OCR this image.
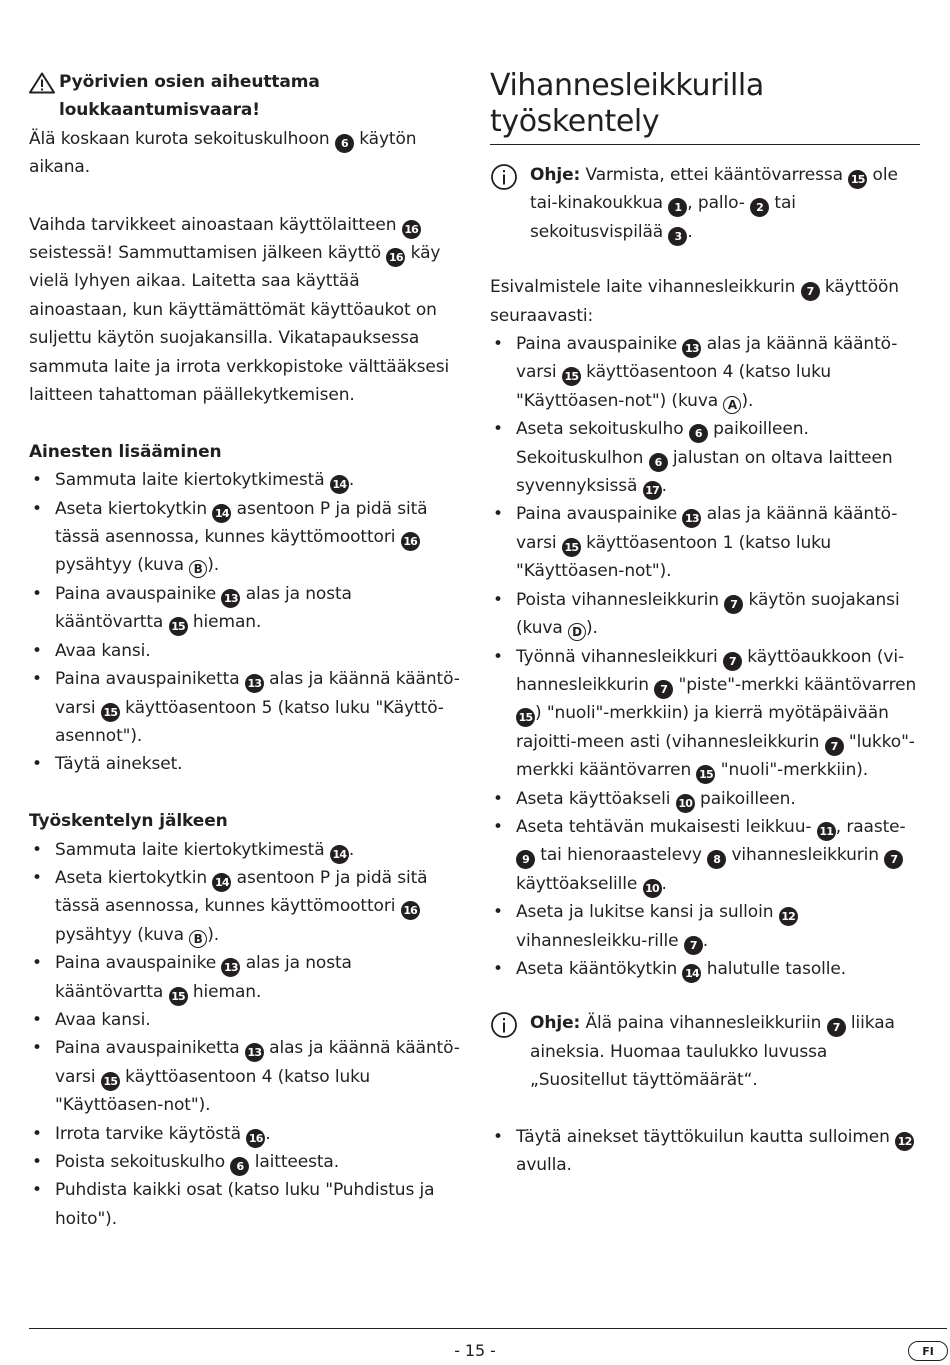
Pyörivien osien aiheuttama
loukkaantumisvaara!

Älä koskaan kurota sekoituskulhoon 6 käytön aikana.

Vaihda tarvikkeet ainoastaan käyttölaitteen 16 seistessä! Sammuttamisen jälkeen käyttö 16 käy vielä lyhyen aikaa. Laitetta saa käyttää ainoastaan, kun käyttämättömät käyttöaukot on suljettu käytön suojakansilla. Vikatapauksessa sammuta laite ja irrota verkkopistoke välttääksesi laitteen tahattoman päällekytkemisen.

Ainesten lisääminen
• Sammuta laite kiertokytkimestä 14 .
• Aseta kiertokytkin 14 asentoon P ja pidä sitä tässä asennossa, kunnes käyttömoottori 16 pysähtyy (kuva B ).
• Paina avauspainike 13 alas ja nosta kääntövartta 15 hieman.
• Avaa kansi.
• Paina avauspainiketta 13 alas ja käännä kääntö-varsi 15 käyttöasentoon 5 (katso luku "Käyttö-asennot").
• Täytä ainekset.
Työskentelyn jälkeen
• Sammuta laite kiertokytkimestä 14 .
• Aseta kiertokytkin 14 asentoon P ja pidä sitä tässä asennossa, kunnes käyttömoottori 16 pysähtyy (kuva B ).
• Paina avauspainike 13 alas ja nosta kääntövartta 15 hieman.
• Avaa kansi.
• Paina avauspainiketta 13 alas ja käännä kääntö-varsi 15 käyttöasentoon 4 (katso luku "Käyttöasen-not").
• Irrota tarvike käytöstä 16 .
• Poista sekoituskulho 6 laitteesta.
• Puhdista kaikki osat (katso luku "Puhdistus ja hoito").
Vihannesleikkurilla työskentely
Ohje: Varmista, ettei kääntövarressa 15 ole tai-kinakoukkua 1 , pallo- 2 tai sekoitusvispilää 3 .

Esivalmistele laite vihannesleikkurin 7 käyttöön seuraavasti:

• Paina avauspainike 13 alas ja käännä kääntö-varsi 15 käyttöasentoon 4 (katso luku "Käyttöasen-not") (kuva A ).
• Aseta sekoituskulho 6 paikoilleen. Sekoituskulhon 6 jalustan on oltava laitteen syvennyksissä 17 .
• Paina avauspainike 13 alas ja käännä kääntö-varsi 15 käyttöasentoon 1 (katso luku "Käyttöasen-not").
• Poista vihannesleikkurin 7 käytön suojakansi (kuva D ).
• Työnnä vihannesleikkuri 7 käyttöaukkoon (vi-hannesleikkurin 7 "piste"-merkki kääntövarren 15 ) "nuoli"-merkkiin) ja kierrä myötäpäivään rajoitti-meen asti (vihannesleikkurin 7 "lukko"-merkki kääntövarren 15 "nuoli"-merkkiin).
• Aseta käyttöakseli 10 paikoilleen.
• Aseta tehtävän mukaisesti leikkuu- 11 , raaste- 9 tai hienoraastelevy 8 vihannesleikkurin 7 käyttöakselille 10 .
• Aseta ja lukitse kansi ja sulloin 12 vihannesleikku-rille 7 .
• Aseta kääntökytkin 14 halutulle tasolle.
Ohje: Älä paina vihannesleikkuriin 7 liikaa aineksia. Huomaa taulukko luvussa „Suositellut täyttömäärät“.
• Täytä ainekset täyttökuilun kautta sulloimen 12 avulla.
- 15 -	FI
